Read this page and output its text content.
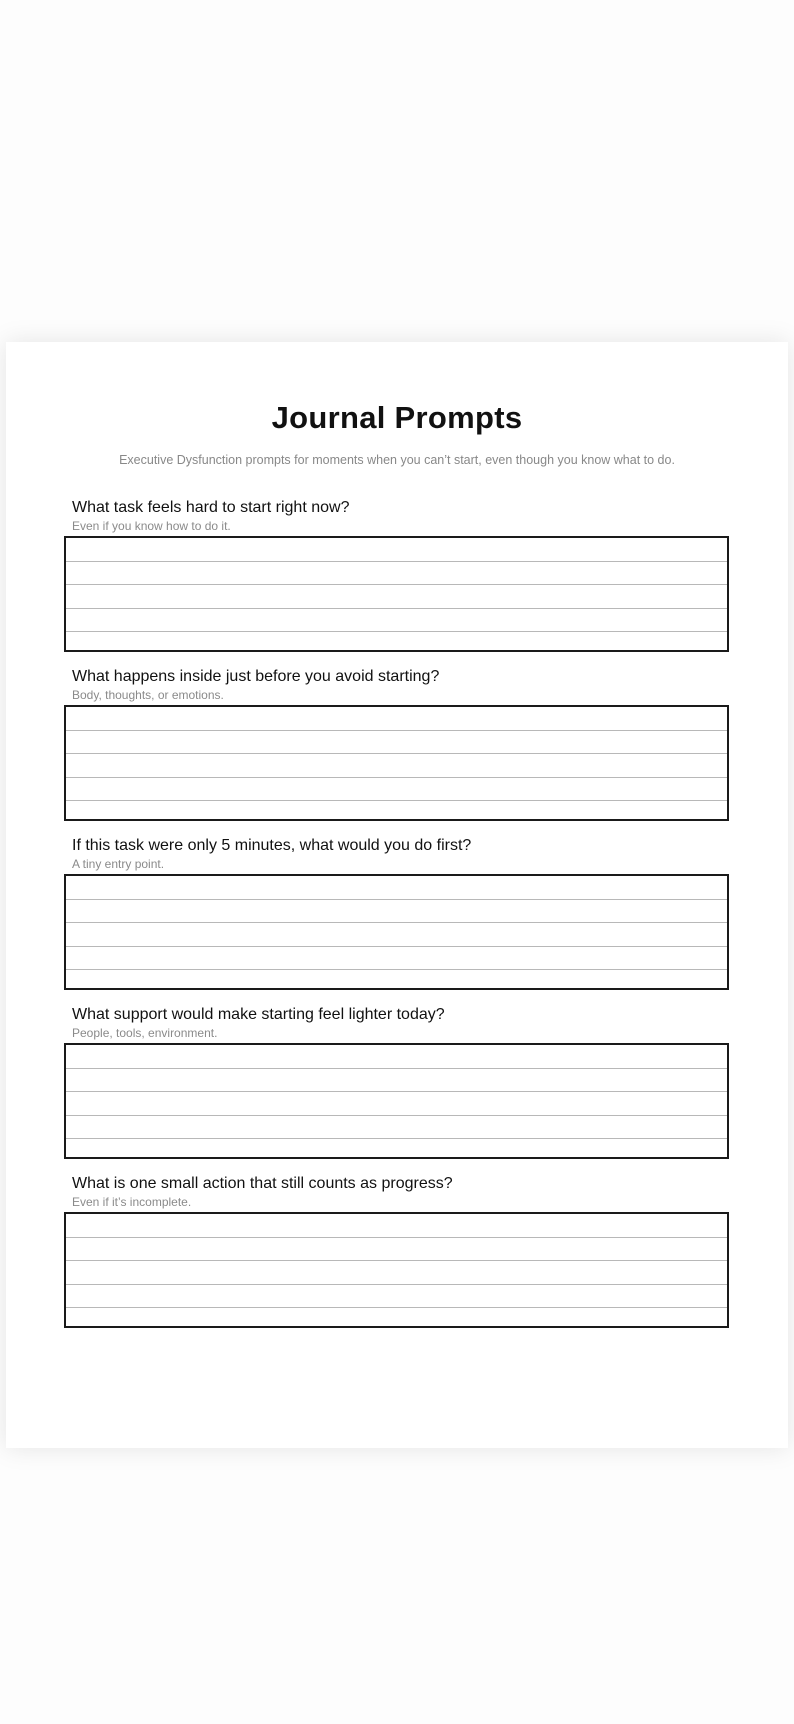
Journal Prompts

Executive Dysfunction prompts for moments when you can’t start, even though you know what to do.

What task feels hard to start right now?

Even if you know how to do it.

What happens inside just before you avoid starting?

Body, thoughts, or emotions.

If this task were only 5 minutes, what would you do first?

A tiny entry point.

What support would make starting feel lighter today?

People, tools, environment.

What is one small action that still counts as progress?

Even if it’s incomplete.
